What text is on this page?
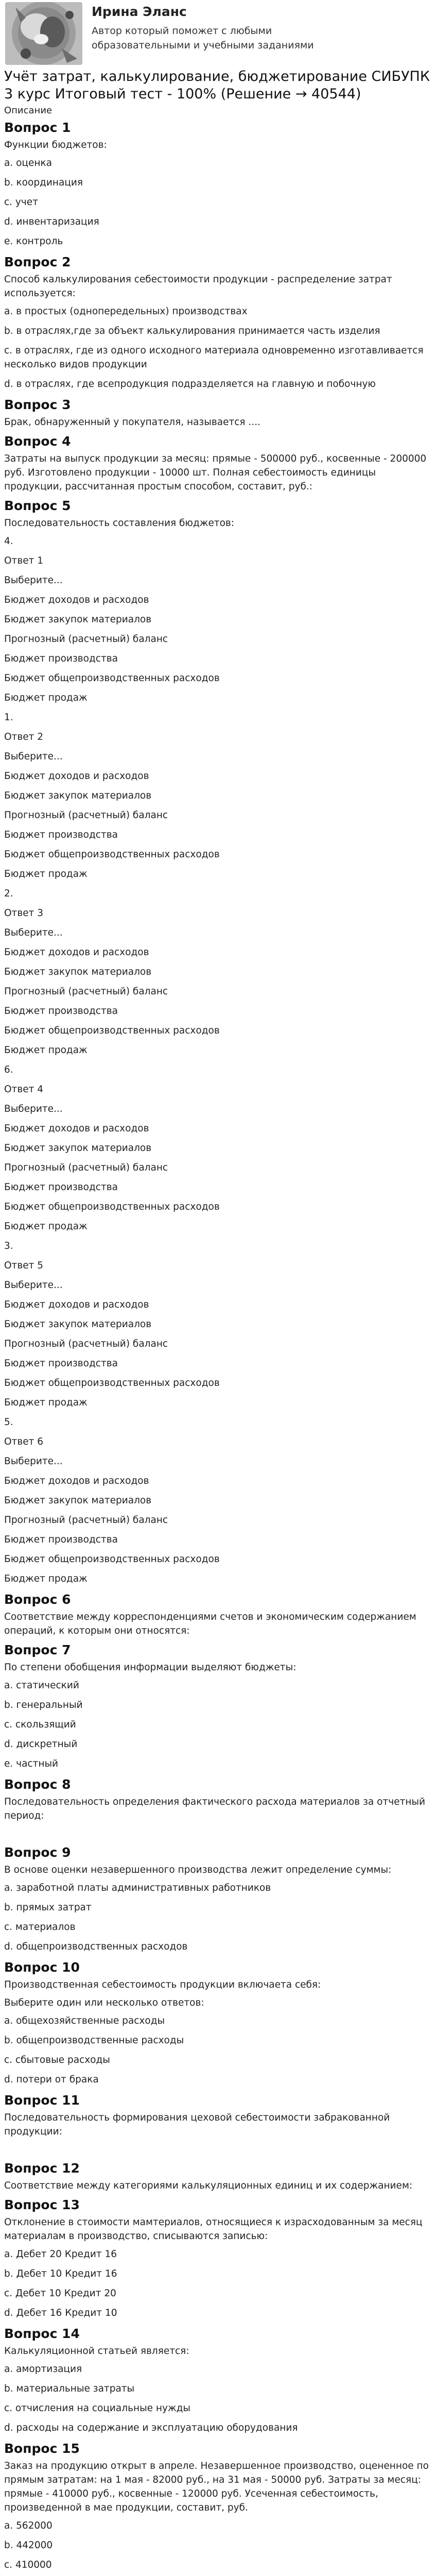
Ирина Эланс
Автор который поможет с любыми образовательными и учебными заданиями
Учёт затрат, калькулирование, бюджетирование СИБУПК 3 курс Итоговый тест - 100% (Решение → 40544)
Описание
Вопрос 1
Функции бюджетов:
a. оценка
b. координация
c. учет
d. инвентаризация
e. контроль
Вопрос 2
Способ калькулирования себестоимости продукции - распределение затрат используется:
a. в простых (однопередельных) производствах
b. в отраслях,где за объект калькулирования принимается часть изделия
c. в отраслях, где из одного исходного материала одновременно изготавливается несколько видов продукции
d. в отраслях, где всепродукция подразделяется на главную и побочную
Вопрос 3
Брак, обнаруженный у покупателя, называется ....
Вопрос 4
Затраты на выпуск продукции за месяц: прямые - 500000 руб., косвенные - 200000 руб. Изготовлено продукции - 10000 шт. Полная себестоимость единицы продукции, рассчитанная простым способом, составит, руб.:
Вопрос 5
Последовательность составления бюджетов:
4.
Ответ 1
Выберите...
Бюджет доходов и расходов
Бюджет закупок материалов
Прогнозный (расчетный) баланс
Бюджет производства
Бюджет общепроизводственных расходов
Бюджет продаж
1.
Ответ 2
Выберите...
Бюджет доходов и расходов
Бюджет закупок материалов
Прогнозный (расчетный) баланс
Бюджет производства
Бюджет общепроизводственных расходов
Бюджет продаж
2.
Ответ 3
Выберите...
Бюджет доходов и расходов
Бюджет закупок материалов
Прогнозный (расчетный) баланс
Бюджет производства
Бюджет общепроизводственных расходов
Бюджет продаж
6.
Ответ 4
Выберите...
Бюджет доходов и расходов
Бюджет закупок материалов
Прогнозный (расчетный) баланс
Бюджет производства
Бюджет общепроизводственных расходов
Бюджет продаж
3.
Ответ 5
Выберите...
Бюджет доходов и расходов
Бюджет закупок материалов
Прогнозный (расчетный) баланс
Бюджет производства
Бюджет общепроизводственных расходов
Бюджет продаж
5.
Ответ 6
Выберите...
Бюджет доходов и расходов
Бюджет закупок материалов
Прогнозный (расчетный) баланс
Бюджет производства
Бюджет общепроизводственных расходов
Бюджет продаж
Вопрос 6
Соответствие между корреспонденциями счетов и экономическим содержанием операций, к которым они относятся:
Вопрос 7
По степени обобщения информации выделяют бюджеты:
a. статический
b. генеральный
c. скользящий
d. дискретный
e. частный
Вопрос 8
Последовательность определения фактического расхода материалов за отчетный период:
Вопрос 9
В основе оценки незавершенного производства лежит определение суммы:
a. заработной платы административных работников
b. прямых затрат
c. материалов
d. общепроизводственных расходов
Вопрос 10
Производственная себестоимость продукции включаета себя:
Выберите один или несколько ответов:
a. общехозяйственные расходы
b. общепроизводственные расходы
c. сбытовые расходы
d. потери от брака
Вопрос 11
Последовательность формирования цеховой себестоимости забракованной продукции:
Вопрос 12
Соответствие между категориями калькуляционных единиц и их содержанием:
Вопрос 13
Отклонение в стоимости мамтериалов, относящиеся к израсходованным за месяц материалам в производство, списываются записью:
a. Дебет 20 Кредит 16
b. Дебет 10 Кредит 16
c. Дебет 10 Кредит 20
d. Дебет 16 Кредит 10
Вопрос 14
Калькуляционной статьей является:
a. амортизация
b. материальные затраты
c. отчисления на социальные нужды
d. расходы на содержание и эксплуатацию оборудования
Вопрос 15
Заказ на продукцию открыт в апреле. Незавершенное производство, оцененное по прямым затратам: на 1 мая - 82000 руб., на 31 мая - 50000 руб. Затраты за месяц: прямые - 410000 руб., косвенные - 120000 руб. Усеченная себестоимость, произведенной в мае продукции, составит, руб.
a. 562000
b. 442000
c. 410000
